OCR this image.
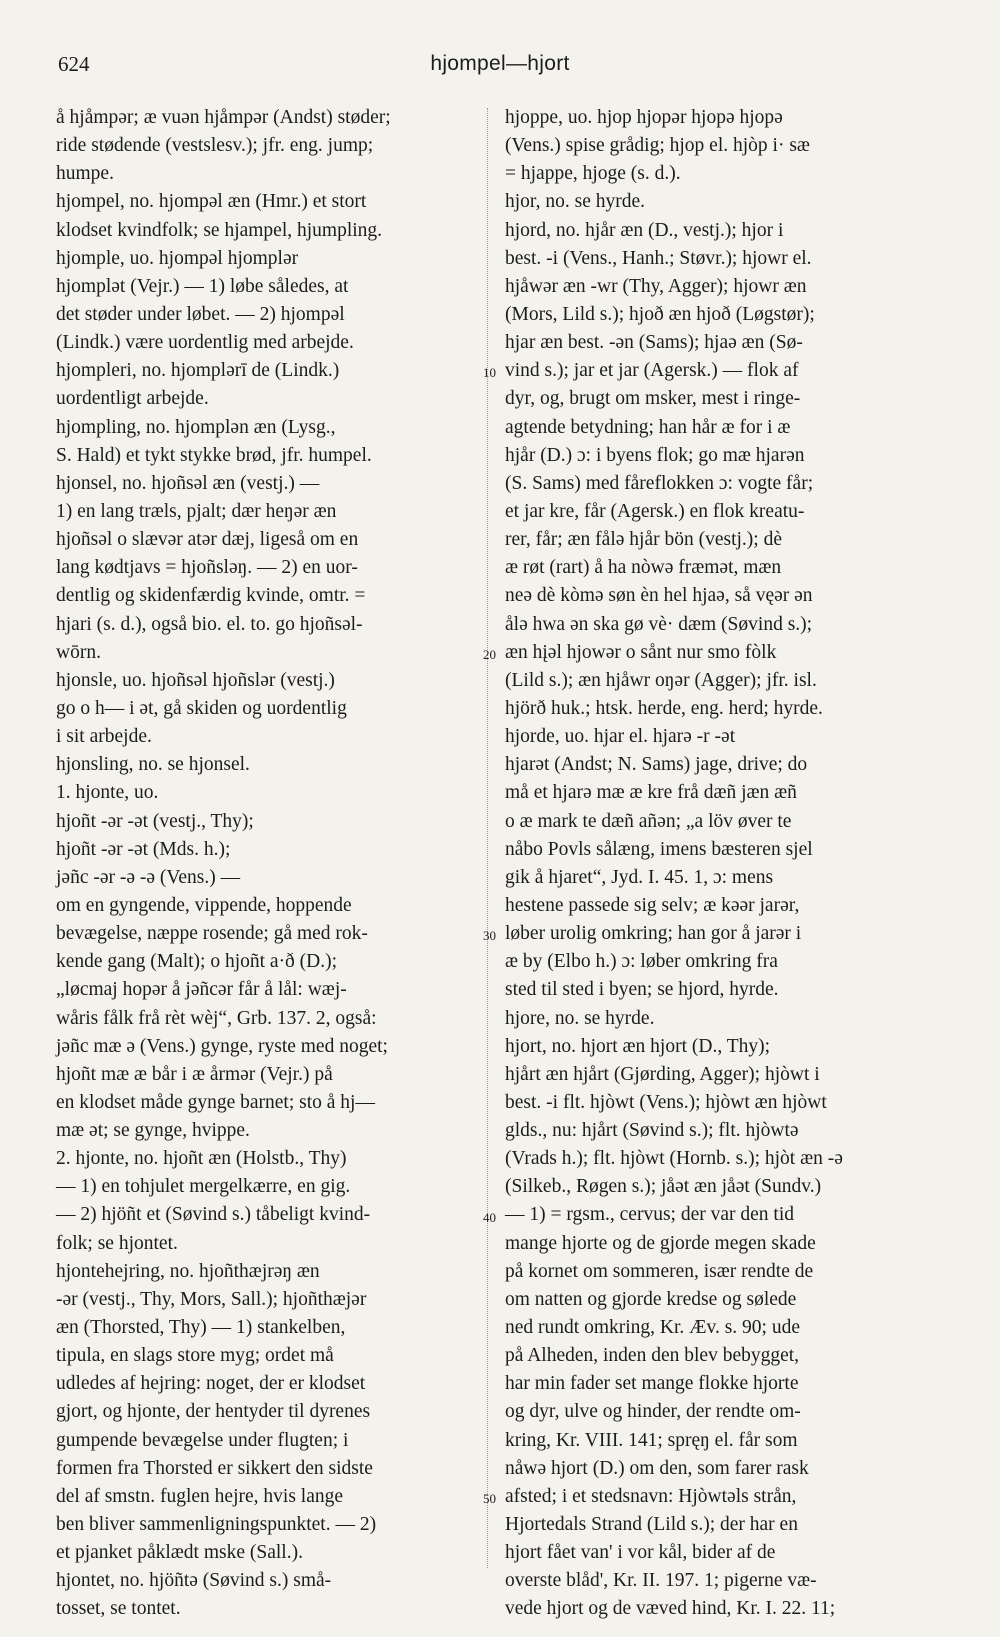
624	hjompel—hjort
å hjåmpər; æ vuən hjåmpər (Andst) støder;
ride stødende (vestslesv.); jfr. eng. jump;
humpe.
hjompel, no. hjompəl æn (Hmr.) et stort
klodset kvindfolk; se hjampel, hjumpling.
hjomple, uo. hjompəl hjomplər
hjomplət (Vejr.) — 1) løbe således, at
det støder under løbet. — 2) hjompəl
(Lindk.) være uordentlig med arbejde.
hjompleri, no. hjomplərī de (Lindk.)
uordentligt arbejde.
hjompling, no. hjomplən æn (Lysg.,
S. Hald) et tykt stykke brød, jfr. humpel.
hjonsel, no. hjoñsəl æn (vestj.) —
1) en lang træls, pjalt; dær heŋər æn
hjoñsəl o slævər atər dæj, ligeså om en
lang kødtjavs = hjoñsləŋ. — 2) en uor-
dentlig og skidenfærdig kvinde, omtr. =
hjari (s. d.), også bio. el. to. go hjoñsəl-
wōrn.
hjonsle, uo. hjoñsəl hjoñslər (vestj.)
go o h— i ət, gå skiden og uordentlig
i sit arbejde.
hjonsling, no. se hjonsel.
1. hjonte, uo.
hjoñt -ər -ət (vestj., Thy);
hjoñt -ər -ət (Mds. h.);
jəñc -ər -ə -ə (Vens.) —
om en gyngende, vippende, hoppende
bevægelse, næppe rosende; gå med rok-
kende gang (Malt); o hjoñt a·ð (D.);
„løcmaj hopər å jəñcər får å lål: wæj-
wåris fålk frå rèt wèj“, Grb. 137. 2, også:
jəñc mæ ə (Vens.) gynge, ryste med noget;
hjoñt mæ æ bår i æ årmər (Vejr.) på
en klodset måde gynge barnet; sto å hj—
mæ ət; se gynge, hvippe.
2. hjonte, no. hjoñt æn (Holstb., Thy)
— 1) en tohjulet mergelkærre, en gig.
— 2) hjöñt et (Søvind s.) tåbeligt kvind-
folk; se hjontet.
hjontehejring, no. hjoñthæjrəŋ æn
-ər (vestj., Thy, Mors, Sall.); hjoñthæjər
æn (Thorsted, Thy) — 1) stankelben,
tipula, en slags store myg; ordet må
udledes af hejring: noget, der er klodset
gjort, og hjonte, der hentyder til dyrenes
gumpende bevægelse under flugten; i
formen fra Thorsted er sikkert den sidste
del af smstn. fuglen hejre, hvis lange
ben bliver sammenligningspunktet. — 2)
et pjanket påklædt mske (Sall.).
hjontet, no. hjöñtə (Søvind s.) små-
tosset, se tontet.
hjoppe, uo. hjop hjopər hjopə hjopə
(Vens.) spise grådig; hjop el. hjòp i· sæ
= hjappe, hjoge (s. d.).
hjor, no. se hyrde.
hjord, no. hjår æn (D., vestj.); hjor i
best. -i (Vens., Hanh.; Støvr.); hjowr el.
hjåwər æn -wr (Thy, Agger); hjowr æn
(Mors, Lild s.); hjoð æn hjoð (Løgstør);
hjar æn best. -ən (Sams); hjaə æn (Sø-
vind s.); jar et jar (Agersk.) — flok af
dyr, og, brugt om msker, mest i ringe-
agtende betydning; han hår æ for i æ
hjår (D.) ɔ: i byens flok; go mæ hjarən
(S. Sams) med fåreflokken ɔ: vogte får;
et jar kre, får (Agersk.) en flok kreatu-
rer, får; æn fålə hjår bön (vestj.); dè
æ røt (rart) å ha nòwə fræmət, mæn
neə dè kòmə søn èn hel hjaə, så vęər ən
ålə hwa ən ska gø vè· dæm (Søvind s.);
æn hįəl hjowər o sånt nur smo fòlk
(Lild s.); æn hjåwr oŋər (Agger); jfr. isl.
hjörð huk.; htsk. herde, eng. herd; hyrde.
hjorde, uo. hjar el. hjarə -r -ət
hjarət (Andst; N. Sams) jage, drive; do
må et hjarə mæ æ kre frå dæñ jæn æñ
o æ mark te dæñ añən; „a löv øver te
nåbo Povls sålæng, imens bæsteren sjel
gik å hjaret“, Jyd. I. 45. 1, ɔ: mens
hestene passede sig selv; æ kəər jarər,
løber urolig omkring; han gor å jarər i
æ by (Elbo h.) ɔ: løber omkring fra
sted til sted i byen; se hjord, hyrde.
hjore, no. se hyrde.
hjort, no. hjort æn hjort (D., Thy);
hjårt æn hjårt (Gjørding, Agger); hjòwt i
best. -i flt. hjòwt (Vens.); hjòwt æn hjòwt
glds., nu: hjårt (Søvind s.); flt. hjòwtə
(Vrads h.); flt. hjòwt (Hornb. s.); hjòt æn -ə
(Silkeb., Røgen s.); jåət æn jåət (Sundv.)
— 1) = rgsm., cervus; der var den tid
mange hjorte og de gjorde megen skade
på kornet om sommeren, især rendte de
om natten og gjorde kredse og sølede
ned rundt omkring, Kr. Æv. s. 90; ude
på Alheden, inden den blev bebygget,
har min fader set mange flokke hjorte
og dyr, ulve og hinder, der rendte om-
kring, Kr. VIII. 141; spręŋ el. får som
nåwə hjort (D.) om den, som farer rask
afsted; i et stedsnavn: Hjòwtəls strån,
Hjortedals Strand (Lild s.); der har en
hjort fået van' i vor kål, bider af de
overste blåd', Kr. II. 197. 1; pigerne væ-
vede hjort og de væved hind, Kr. I. 22. 11;
10
20
30
40
50
